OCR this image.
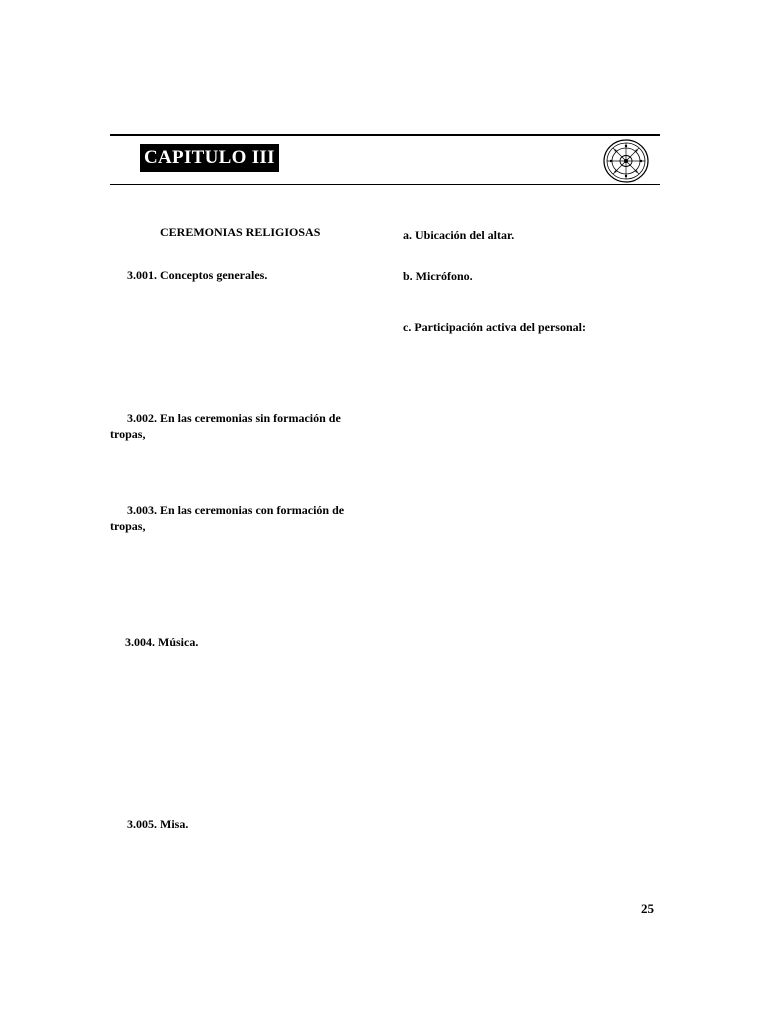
CAPITULO III
CEREMONIAS RELIGIOSAS
3.001. Conceptos generales.
3.002. En las ceremonias sin formación de
tropas,
3.003. En las ceremonias con formación de
tropas,
3.004. Música.
3.005. Misa.
a. Ubicación del altar.
b. Micrófono.
c. Participación activa del personal:
25
